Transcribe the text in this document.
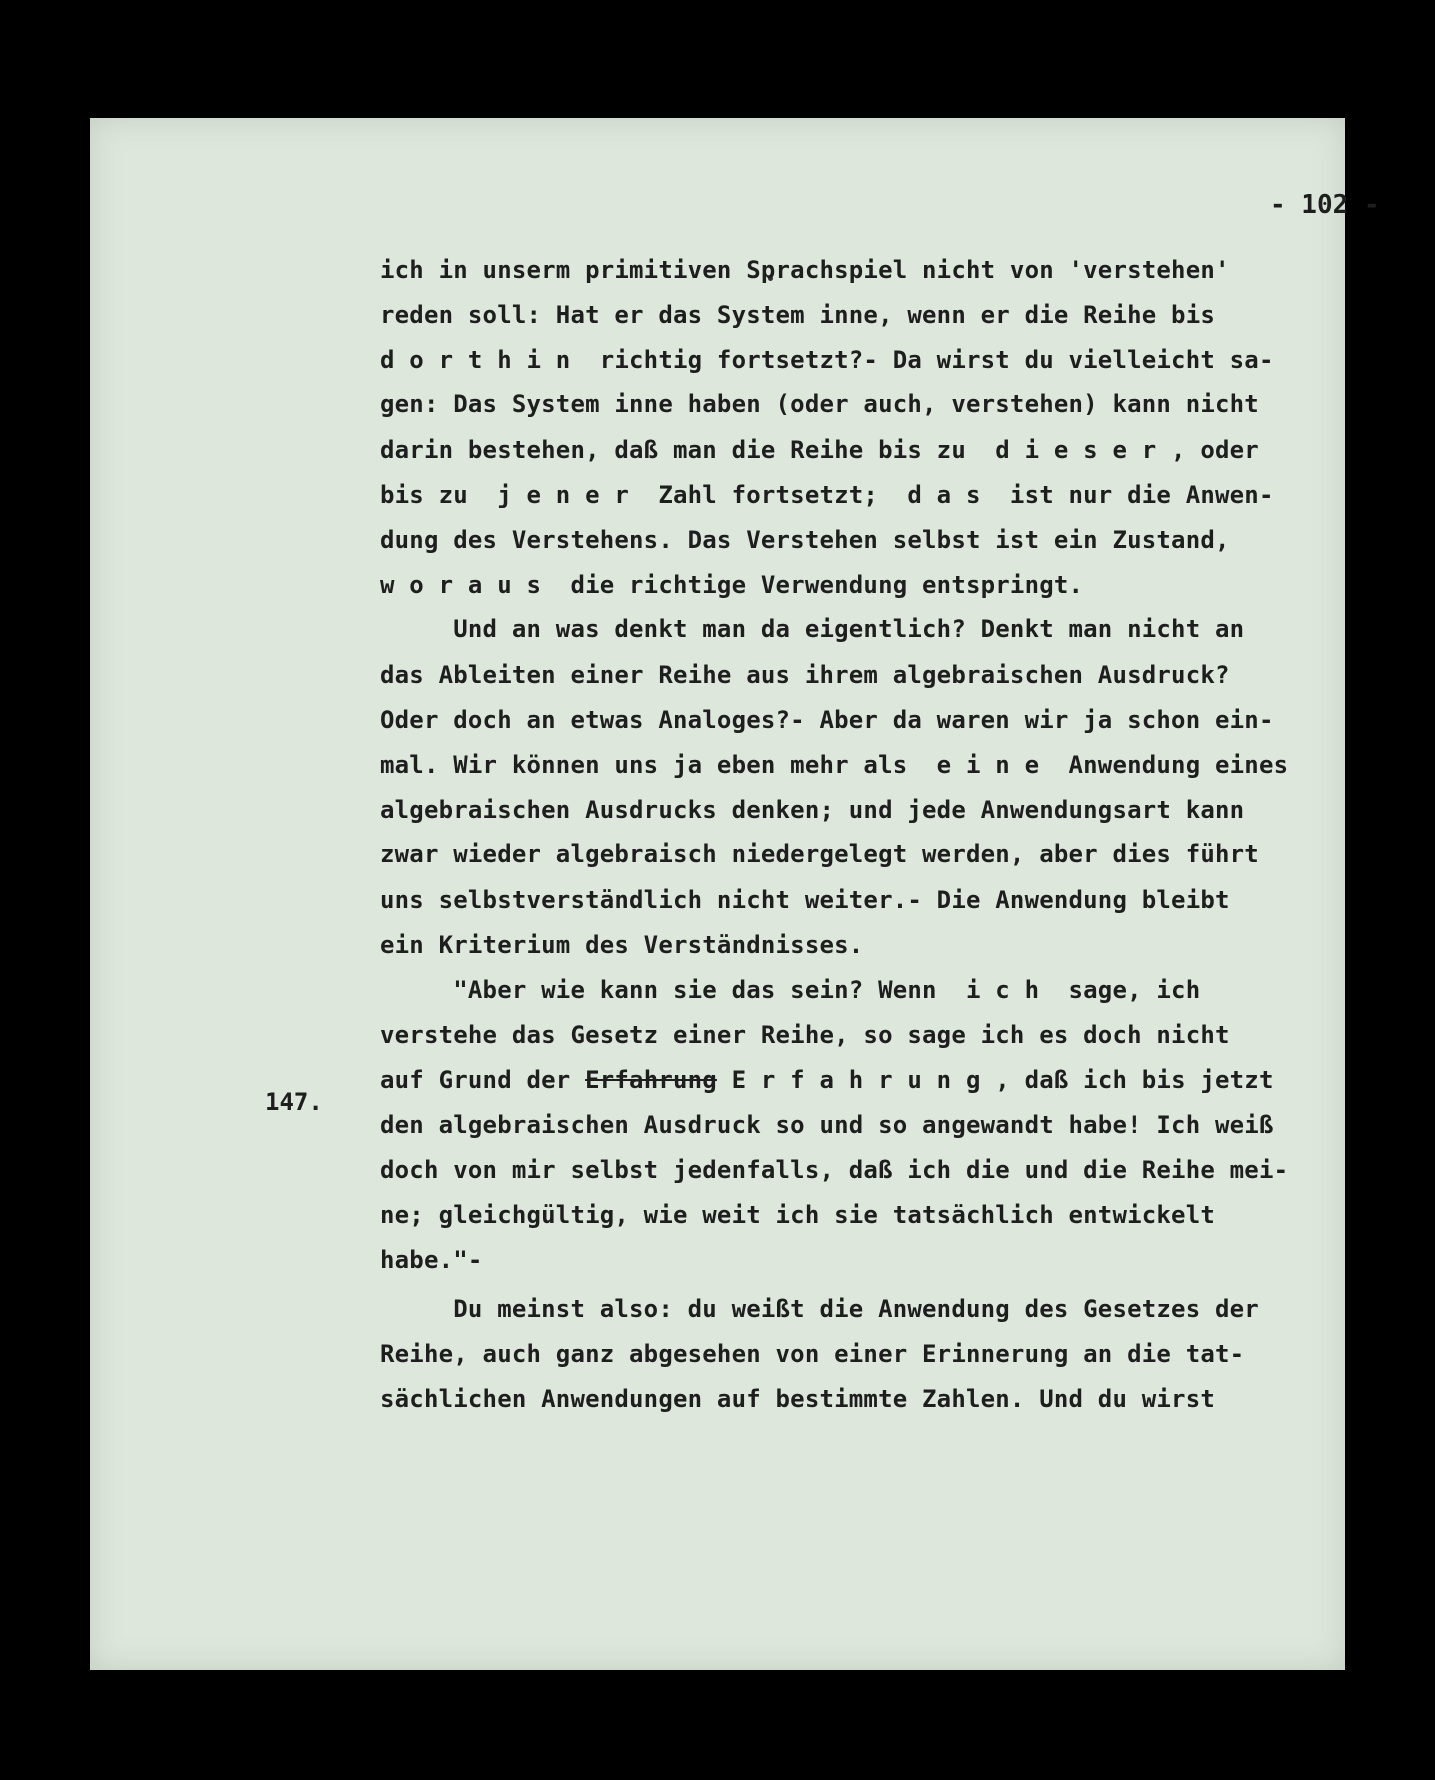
- 102 -
ich in unserm primitiven Sprachspiel nicht von 'verstehen'
reden soll: Hat er das System inne, wenn er die Reihe bis
d o r t h i n  richtig fortsetzt?- Da wirst du vielleicht sa-
gen: Das System inne haben (oder auch, verstehen) kann nicht
darin bestehen, daß man die Reihe bis zu  d i e s e r , oder
bis zu  j e n e r  Zahl fortsetzt;  d a s  ist nur die Anwen-
dung des Verstehens. Das Verstehen selbst ist ein Zustand,
w o r a u s  die richtige Verwendung entspringt.
Und an was denkt man da eigentlich? Denkt man nicht an
das Ableiten einer Reihe aus ihrem algebraischen Ausdruck?
Oder doch an etwas Analoges?- Aber da waren wir ja schon ein-
mal. Wir können uns ja eben mehr als  e i n e  Anwendung eines
algebraischen Ausdrucks denken; und jede Anwendungsart kann
zwar wieder algebraisch niedergelegt werden, aber dies führt
uns selbstverständlich nicht weiter.- Die Anwendung bleibt
ein Kriterium des Verständnisses.
147.
"Aber wie kann sie das sein? Wenn  i c h  sage, ich
verstehe das Gesetz einer Reihe, so sage ich es doch nicht
auf Grund der Erfahrung E r f a h r u n g , daß ich bis jetzt
den algebraischen Ausdruck so und so angewandt habe! Ich weiß
doch von mir selbst jedenfalls, daß ich die und die Reihe mei-
ne; gleichgültig, wie weit ich sie tatsächlich entwickelt
habe."-
Du meinst also: du weißt die Anwendung des Gesetzes der
Reihe, auch ganz abgesehen von einer Erinnerung an die tat-
sächlichen Anwendungen auf bestimmte Zahlen. Und du wirst
